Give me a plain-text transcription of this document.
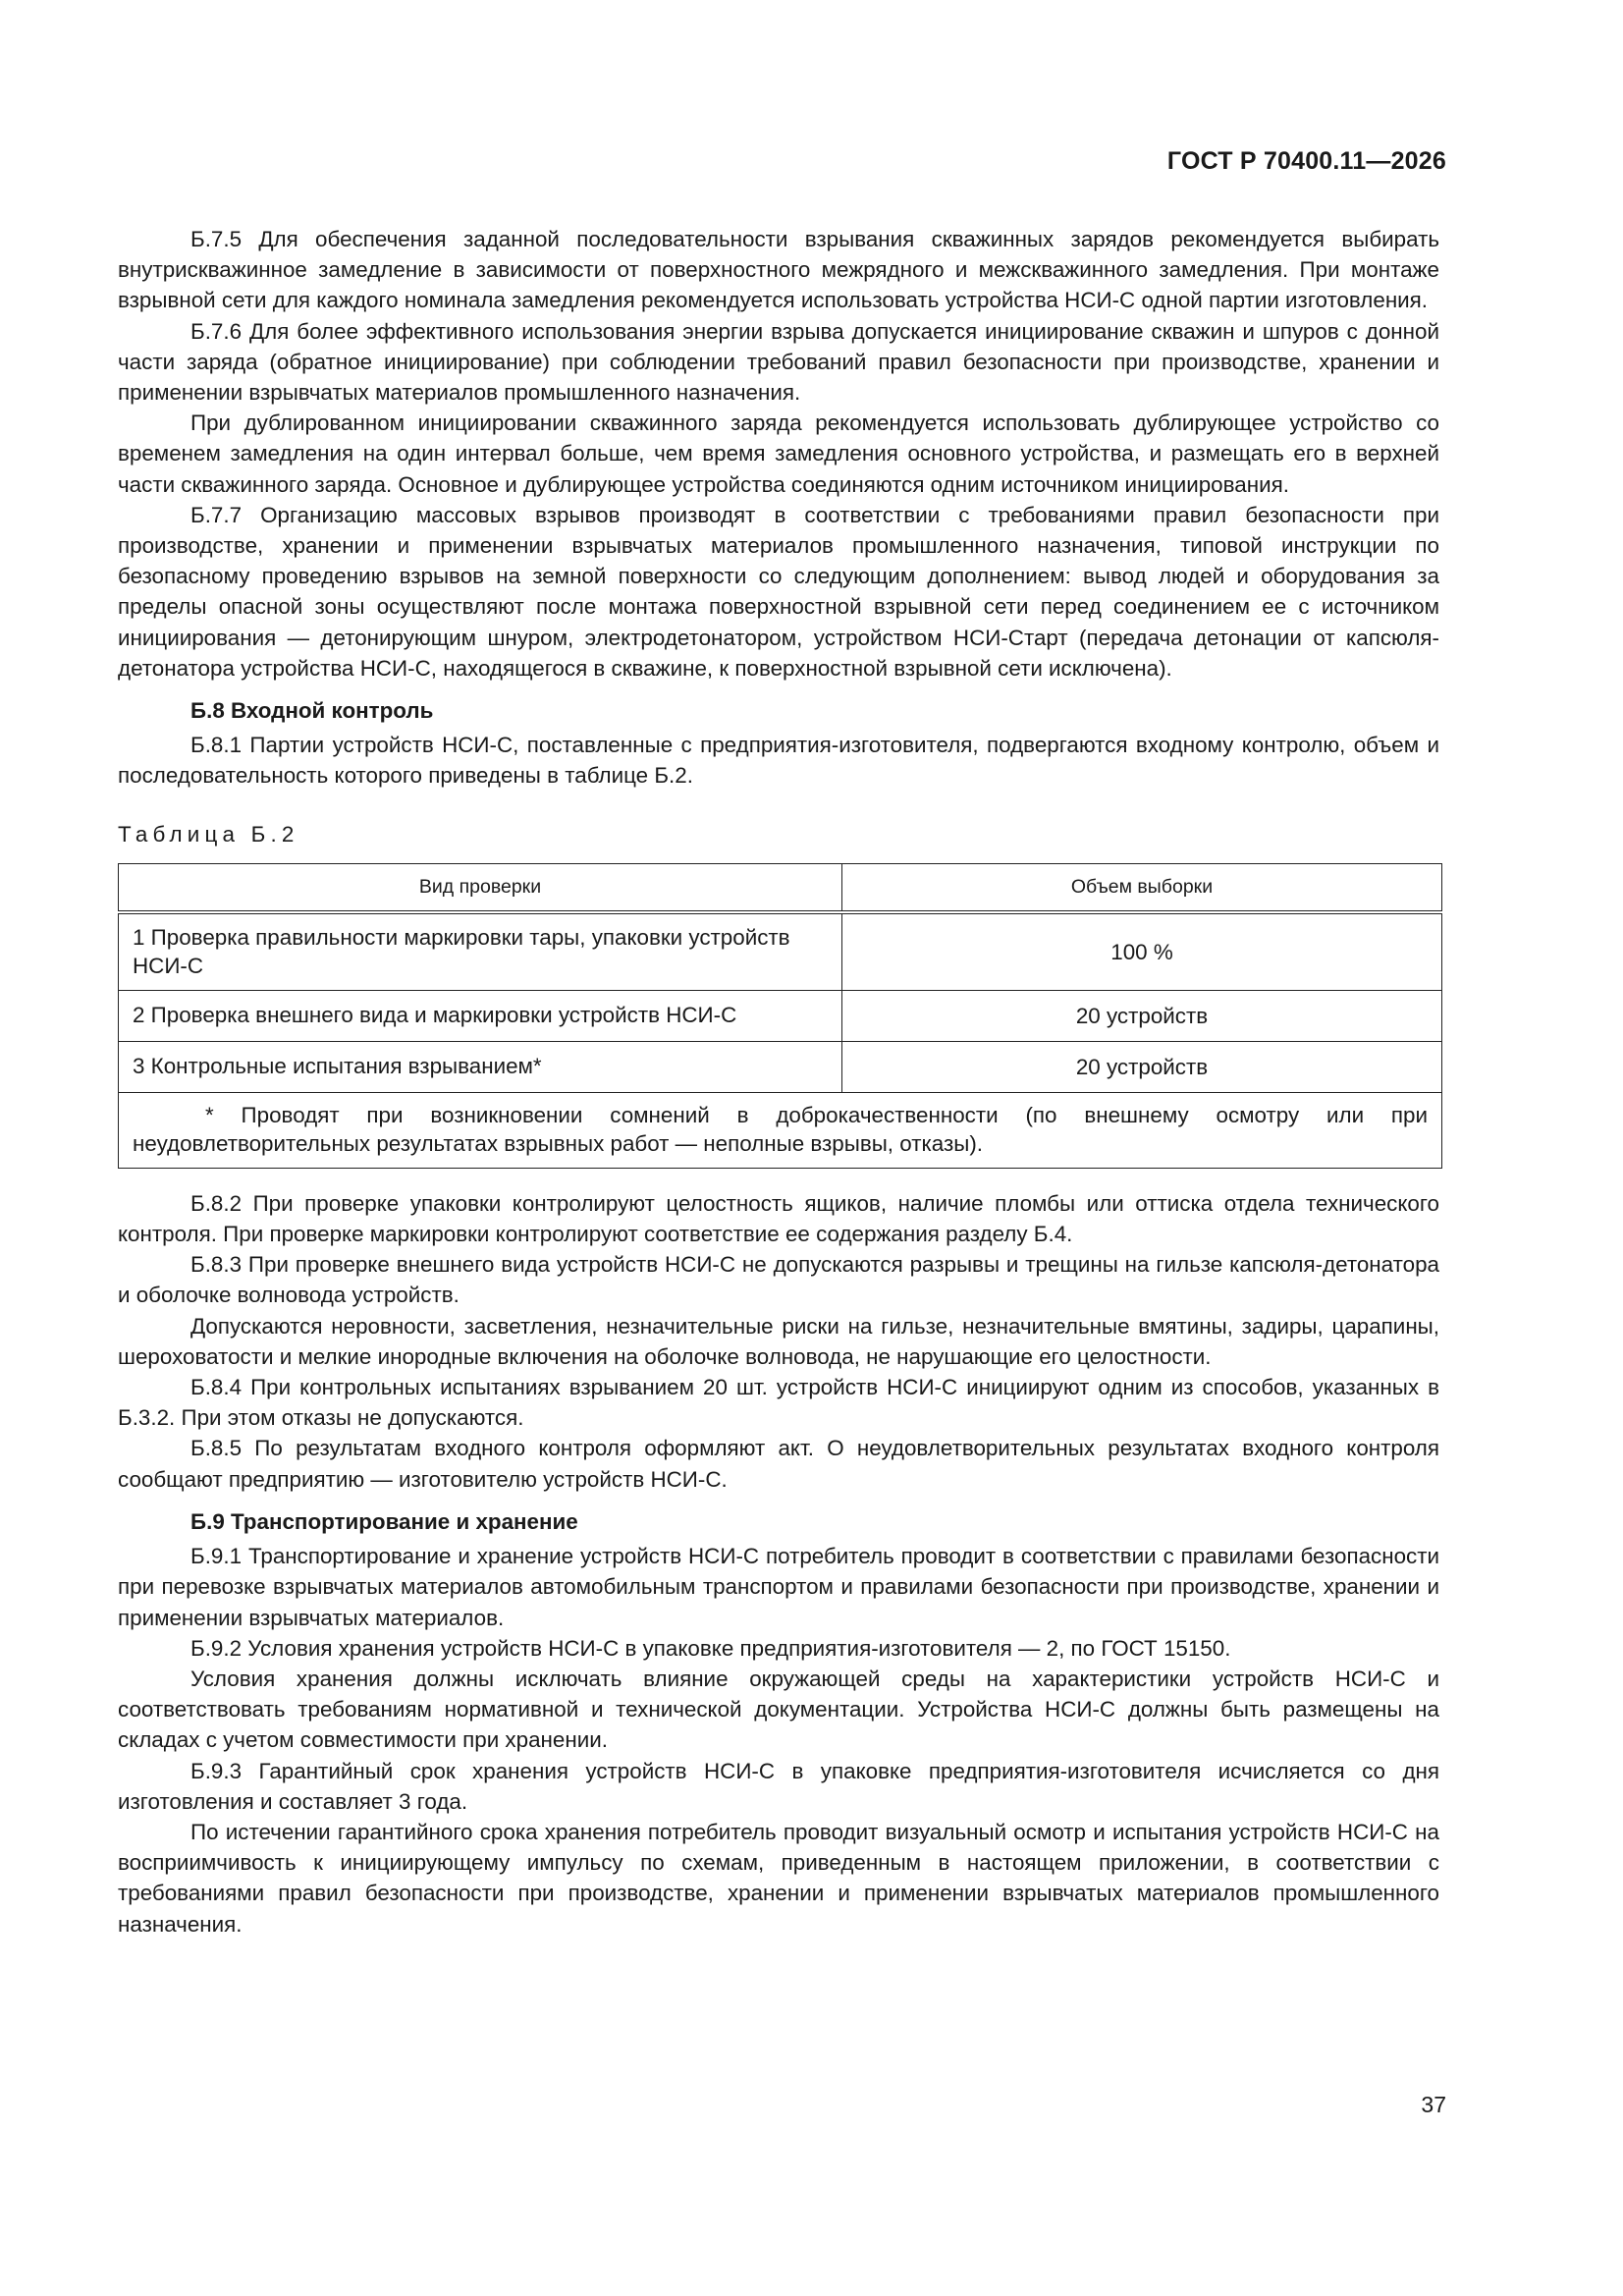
ГОСТ Р 70400.11—2026

Б.7.5 Для обеспечения заданной последовательности взрывания скважинных зарядов рекомендуется выбирать внутрискважинное замедление в зависимости от поверхностного межрядного и межскважинного замедления. При монтаже взрывной сети для каждого номинала замедления рекомендуется использовать устройства НСИ-С одной партии изготовления.

Б.7.6 Для более эффективного использования энергии взрыва допускается инициирование скважин и шпуров с донной части заряда (обратное инициирование) при соблюдении требований правил безопасности при производстве, хранении и применении взрывчатых материалов промышленного назначения.

При дублированном инициировании скважинного заряда рекомендуется использовать дублирующее устройство со временем замедления на один интервал больше, чем время замедления основного устройства, и размещать его в верхней части скважинного заряда. Основное и дублирующее устройства соединяются одним источником инициирования.

Б.7.7 Организацию массовых взрывов производят в соответствии с требованиями правил безопасности при производстве, хранении и применении взрывчатых материалов промышленного назначения, типовой инструкции по безопасному проведению взрывов на земной поверхности со следующим дополнением: вывод людей и оборудования за пределы опасной зоны осуществляют после монтажа поверхностной взрывной сети перед соединением ее с источником инициирования — детонирующим шнуром, электродетонатором, устройством НСИ-Старт (передача детонации от капсюля-детонатора устройства НСИ-С, находящегося в скважине, к поверхностной взрывной сети исключена).

Б.8 Входной контроль

Б.8.1 Партии устройств НСИ-С, поставленные с предприятия-изготовителя, подвергаются входному контролю, объем и последовательность которого приведены в таблице Б.2.

Таблица Б.2

Вид проверки	Объем выборки
1 Проверка правильности маркировки тары, упаковки устройств НСИ-С	100 %
2 Проверка внешнего вида и маркировки устройств НСИ-С	20 устройств
3 Контрольные испытания взрыванием*	20 устройств
* Проводят при возникновении сомнений в доброкачественности (по внешнему осмотру или при неудовлетворительных результатах взрывных работ — неполные взрывы, отказы).	

Б.8.2 При проверке упаковки контролируют целостность ящиков, наличие пломбы или оттиска отдела технического контроля. При проверке маркировки контролируют соответствие ее содержания разделу Б.4.

Б.8.3 При проверке внешнего вида устройств НСИ-С не допускаются разрывы и трещины на гильзе капсюля-детонатора и оболочке волновода устройств.

Допускаются неровности, засветления, незначительные риски на гильзе, незначительные вмятины, задиры, царапины, шероховатости и мелкие инородные включения на оболочке волновода, не нарушающие его целостности.

Б.8.4 При контрольных испытаниях взрыванием 20 шт. устройств НСИ-С инициируют одним из способов, указанных в Б.3.2. При этом отказы не допускаются.

Б.8.5 По результатам входного контроля оформляют акт. О неудовлетворительных результатах входного контроля сообщают предприятию — изготовителю устройств НСИ-С.

Б.9 Транспортирование и хранение

Б.9.1 Транспортирование и хранение устройств НСИ-С потребитель проводит в соответствии с правилами безопасности при перевозке взрывчатых материалов автомобильным транспортом и правилами безопасности при производстве, хранении и применении взрывчатых материалов.

Б.9.2 Условия хранения устройств НСИ-С в упаковке предприятия-изготовителя — 2, по ГОСТ 15150.

Условия хранения должны исключать влияние окружающей среды на характеристики устройств НСИ-С и соответствовать требованиям нормативной и технической документации. Устройства НСИ-С должны быть размещены на складах с учетом совместимости при хранении.

Б.9.3 Гарантийный срок хранения устройств НСИ-С в упаковке предприятия-изготовителя исчисляется со дня изготовления и составляет 3 года.

По истечении гарантийного срока хранения потребитель проводит визуальный осмотр и испытания устройств НСИ-С на восприимчивость к инициирующему импульсу по схемам, приведенным в настоящем приложении, в соответствии с требованиями правил безопасности при производстве, хранении и применении взрывчатых материалов промышленного назначения.

37
